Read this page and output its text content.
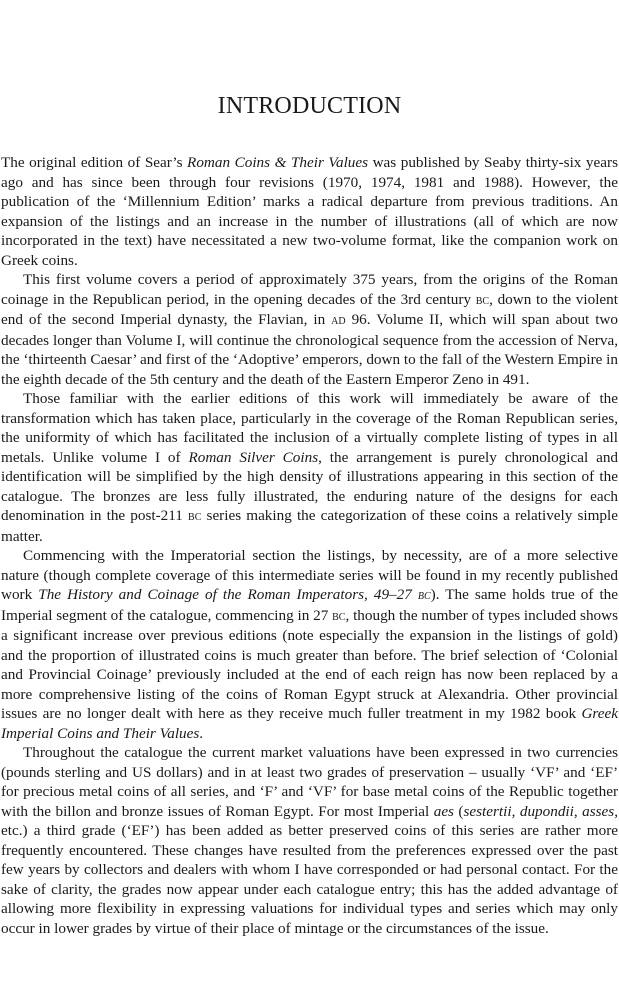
INTRODUCTION

The original edition of Sear’s Roman Coins & Their Values was published by Seaby thirty-six years ago and has since been through four revisions (1970, 1974, 1981 and 1988). However, the publication of the ‘Millennium Edition’ marks a radical departure from previous traditions. An expansion of the listings and an increase in the number of illustrations (all of which are now incorporated in the text) have necessitated a new two-volume format, like the companion work on Greek coins.

This first volume covers a period of approximately 375 years, from the origins of the Roman coinage in the Republican period, in the opening decades of the 3rd century bc, down to the violent end of the second Imperial dynasty, the Flavian, in ad 96. Volume II, which will span about two decades longer than Volume I, will continue the chronological sequence from the accession of Nerva, the ‘thirteenth Caesar’ and first of the ‘Adoptive’ emperors, down to the fall of the Western Empire in the eighth decade of the 5th century and the death of the Eastern Emperor Zeno in 491.

Those familiar with the earlier editions of this work will immediately be aware of the transformation which has taken place, particularly in the coverage of the Roman Republican series, the uniformity of which has facilitated the inclusion of a virtually complete listing of types in all metals. Unlike volume I of Roman Silver Coins, the arrangement is purely chronological and identification will be simplified by the high density of illustrations appearing in this section of the catalogue. The bronzes are less fully illustrated, the enduring nature of the designs for each denomination in the post-211 bc series making the categorization of these coins a relatively simple matter.

Commencing with the Imperatorial section the listings, by necessity, are of a more selective nature (though complete coverage of this intermediate series will be found in my recently published work The History and Coinage of the Roman Imperators, 49–27 bc). The same holds true of the Imperial segment of the catalogue, commencing in 27 bc, though the number of types included shows a significant increase over previous editions (note especially the expansion in the listings of gold) and the proportion of illustrated coins is much greater than before. The brief selection of ‘Colonial and Provincial Coinage’ previously included at the end of each reign has now been replaced by a more comprehensive listing of the coins of Roman Egypt struck at Alexandria. Other provincial issues are no longer dealt with here as they receive much fuller treatment in my 1982 book Greek Imperial Coins and Their Values.

Throughout the catalogue the current market valuations have been expressed in two currencies (pounds sterling and US dollars) and in at least two grades of preservation – usually ‘VF’ and ‘EF’ for precious metal coins of all series, and ‘F’ and ‘VF’ for base metal coins of the Republic together with the billon and bronze issues of Roman Egypt. For most Imperial aes (sestertii, dupondii, asses, etc.) a third grade (‘EF’) has been added as better preserved coins of this series are rather more frequently encountered. These changes have resulted from the preferences expressed over the past few years by collectors and dealers with whom I have corresponded or had personal contact. For the sake of clarity, the grades now appear under each catalogue entry; this has the added advantage of allowing more flexibility in expressing valuations for individual types and series which may only occur in lower grades by virtue of their place of mintage or the circumstances of the issue.
